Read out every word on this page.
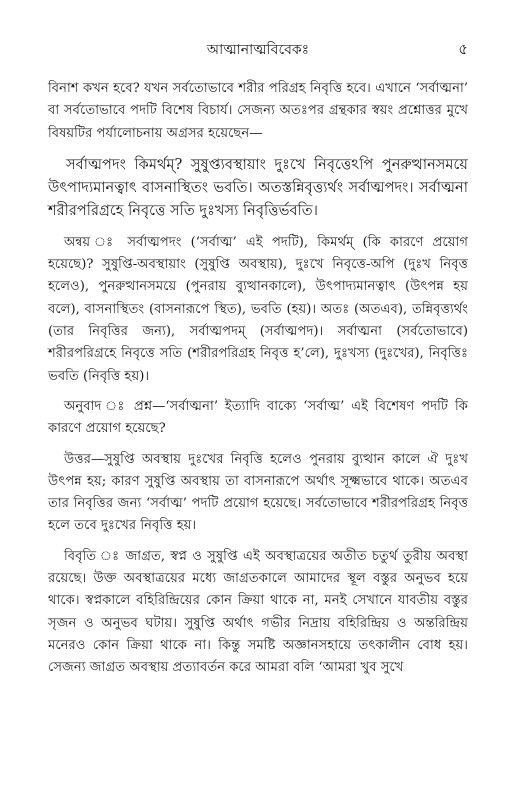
আত্মানাত্মবিবেকঃ	৫

বিনাশ কখন হবে? যখন সর্বতোভাবে শরীর পরিগ্রহ নিবৃত্তি হবে। এখানে ‘সর্বাত্মনা’ বা সর্বতোভাবে পদটি বিশেষ বিচার্য। সেজন্য অতঃপর গ্রন্থকার স্বয়ং প্রশ্নোত্তর মুখে বিষয়টির পর্যালোচনায় অগ্রসর হয়েছেন—

সর্বাত্মপদং কিমর্থম্? সুষুপ্ত্যবস্থায়াং দুঃখে নিবৃত্তেঽপি পুনরুত্থানসময়ে উৎপাদ্যমানত্বাৎ বাসনাস্থিতং ভবতি। অতস্তন্নিবৃত্ত্যর্থং সর্বাত্মপদং। সর্বাত্মনা শরীরপরিগ্রহে নিবৃত্তে সতি দুঃখস্য নিবৃত্তির্ভবতি।

অন্বয় ঃ সর্বাত্মপদং (‘সর্বাত্ম’ এই পদটি), কিমর্থম্ (কি কারণে প্রয়োগ হয়েছে)? সুষুপ্তি-অবস্থায়াং (সুষুপ্তি অবস্থায়), দুঃখে নিবৃত্তে-অপি (দুঃখ নিবৃত্ত হলেও), পুনরুত্থানসময়ে (পুনরায় ব্যুত্থানকালে), উৎপাদ্যমানত্বাৎ (উৎপন্ন হয় বলে), বাসনাস্থিতং (বাসনারূপে স্থিত), ভবতি (হয়)। অতঃ (অতএব), তন্নিবৃত্ত্যর্থং (তার নিবৃত্তির জন্য), সর্বাত্মপদম্ (সর্বাত্মপদ)। সর্বাত্মনা (সর্বতোভাবে) শরীরপরিগ্রহে নিবৃত্তে সতি (শরীরপরিগ্রহ নিবৃত্ত হ’লে), দুঃখস্য (দুঃখের), নিবৃত্তিঃ ভবতি (নিবৃত্তি হয়)।

অনুবাদ ঃ প্রশ্ন—‘সর্বাত্মনা’ ইত্যাদি বাক্যে ‘সর্বাত্ম’ এই বিশেষণ পদটি কি কারণে প্রয়োগ হয়েছে?

উত্তর—সুষুপ্তি অবস্থায় দুঃখের নিবৃত্তি হলেও পুনরায় ব্যুত্থান কালে ঐ দুঃখ উৎপন্ন হয়; কারণ সুষুপ্তি অবস্থায় তা বাসনারূপে অর্থাৎ সূক্ষ্মভাবে থাকে। অতএব তার নিবৃত্তির জন্য ‘সর্বাত্ম’ পদটি প্রয়োগ হয়েছে। সর্বতোভাবে শরীরপরিগ্রহ নিবৃত্ত হলে তবে দুঃখের নিবৃত্তি হয়।

বিবৃতি ঃ জাগ্রত, স্বপ্ন ও সুষুপ্তি এই অবস্থাত্রয়ের অতীত চতুর্থ তুরীয় অবস্থা রয়েছে। উক্ত অবস্থাত্রয়ের মধ্যে জাগ্রতকালে আমাদের স্থূল বস্তুর অনুভব হয়ে থাকে। স্বপ্নকালে বহিরিন্দ্রিয়ের কোন ক্রিয়া থাকে না, মনই সেখানে যাবতীয় বস্তুর সৃজন ও অনুভব ঘটায়। সুষুপ্তি অর্থাৎ গভীর নিদ্রায় বহিরিন্দ্রিয় ও অন্তরিন্দ্রিয় মনেরও কোন ক্রিয়া থাকে না। কিন্তু সমষ্টি অজ্ঞানসহায়ে তৎকালীন বোধ হয়। সেজন্য জাগ্রত অবস্থায় প্রত্যাবর্তন করে আমরা বলি ‘আমরা খুব সুখে
